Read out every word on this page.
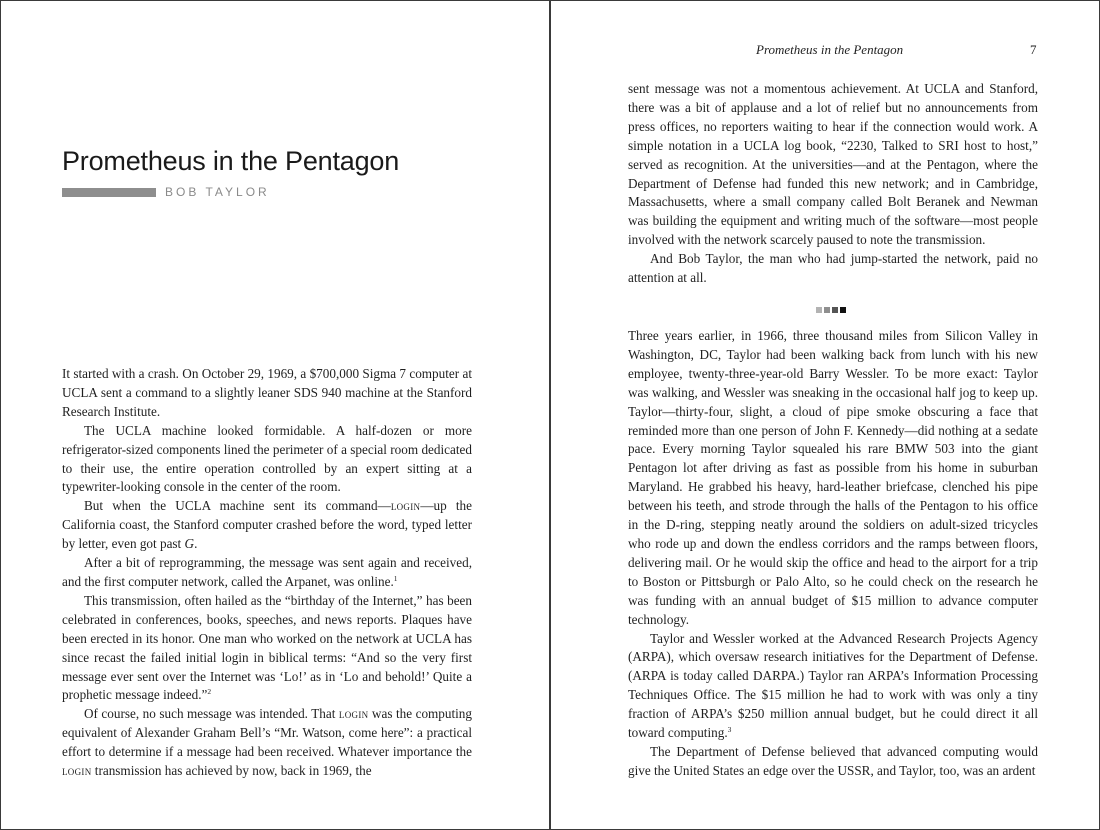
Prometheus in the Pentagon
BOB TAYLOR

It started with a crash. On October 29, 1969, a $700,000 Sigma 7 computer at UCLA sent a command to a slightly leaner SDS 940 machine at the Stanford Research Institute.

The UCLA machine looked formidable. A half-dozen or more refrigerator-sized components lined the perimeter of a special room dedicated to their use, the entire operation controlled by an expert sitting at a typewriter-looking console in the center of the room.

But when the UCLA machine sent its command—login—up the California coast, the Stanford computer crashed before the word, typed letter by letter, even got past G.

After a bit of reprogramming, the message was sent again and received, and the first computer network, called the Arpanet, was online.$^1$

This transmission, often hailed as the “birthday of the Internet,” has been celebrated in conferences, books, speeches, and news reports. Plaques have been erected in its honor. One man who worked on the network at UCLA has since recast the failed initial login in biblical terms: “And so the very first message ever sent over the Internet was ‘Lo!’ as in ‘Lo and behold!’ Quite a prophetic message indeed.”$^2$

Of course, no such message was intended. That login was the computing equivalent of Alexander Graham Bell’s “Mr. Watson, come here”: a practical effort to determine if a message had been received. Whatever importance the login transmission has achieved by now, back in 1969, the

Prometheus in the Pentagon	7

sent message was not a momentous achievement. At UCLA and Stanford, there was a bit of applause and a lot of relief but no announcements from press offices, no reporters waiting to hear if the connection would work. A simple notation in a UCLA log book, “2230, Talked to SRI host to host,” served as recognition. At the universities—and at the Pentagon, where the Department of Defense had funded this new network; and in Cambridge, Massachusetts, where a small company called Bolt Beranek and Newman was building the equipment and writing much of the software—most people involved with the network scarcely paused to note the transmission.

And Bob Taylor, the man who had jump-started the network, paid no attention at all.

Three years earlier, in 1966, three thousand miles from Silicon Valley in Washington, DC, Taylor had been walking back from lunch with his new employee, twenty-three-year-old Barry Wessler. To be more exact: Taylor was walking, and Wessler was sneaking in the occasional half jog to keep up. Taylor—thirty-four, slight, a cloud of pipe smoke obscuring a face that reminded more than one person of John F. Kennedy—did nothing at a sedate pace. Every morning Taylor squealed his rare BMW 503 into the giant Pentagon lot after driving as fast as possible from his home in suburban Maryland. He grabbed his heavy, hard-leather briefcase, clenched his pipe between his teeth, and strode through the halls of the Pentagon to his office in the D-ring, stepping neatly around the soldiers on adult-sized tricycles who rode up and down the endless corridors and the ramps between floors, delivering mail. Or he would skip the office and head to the airport for a trip to Boston or Pittsburgh or Palo Alto, so he could check on the research he was funding with an annual budget of $15 million to advance computer technology.

Taylor and Wessler worked at the Advanced Research Projects Agency (ARPA), which oversaw research initiatives for the Department of Defense. (ARPA is today called DARPA.) Taylor ran ARPA’s Information Processing Techniques Office. The $15 million he had to work with was only a tiny fraction of ARPA’s $250 million annual budget, but he could direct it all toward computing.$^3$

The Department of Defense believed that advanced computing would give the United States an edge over the USSR, and Taylor, too, was an ardent
